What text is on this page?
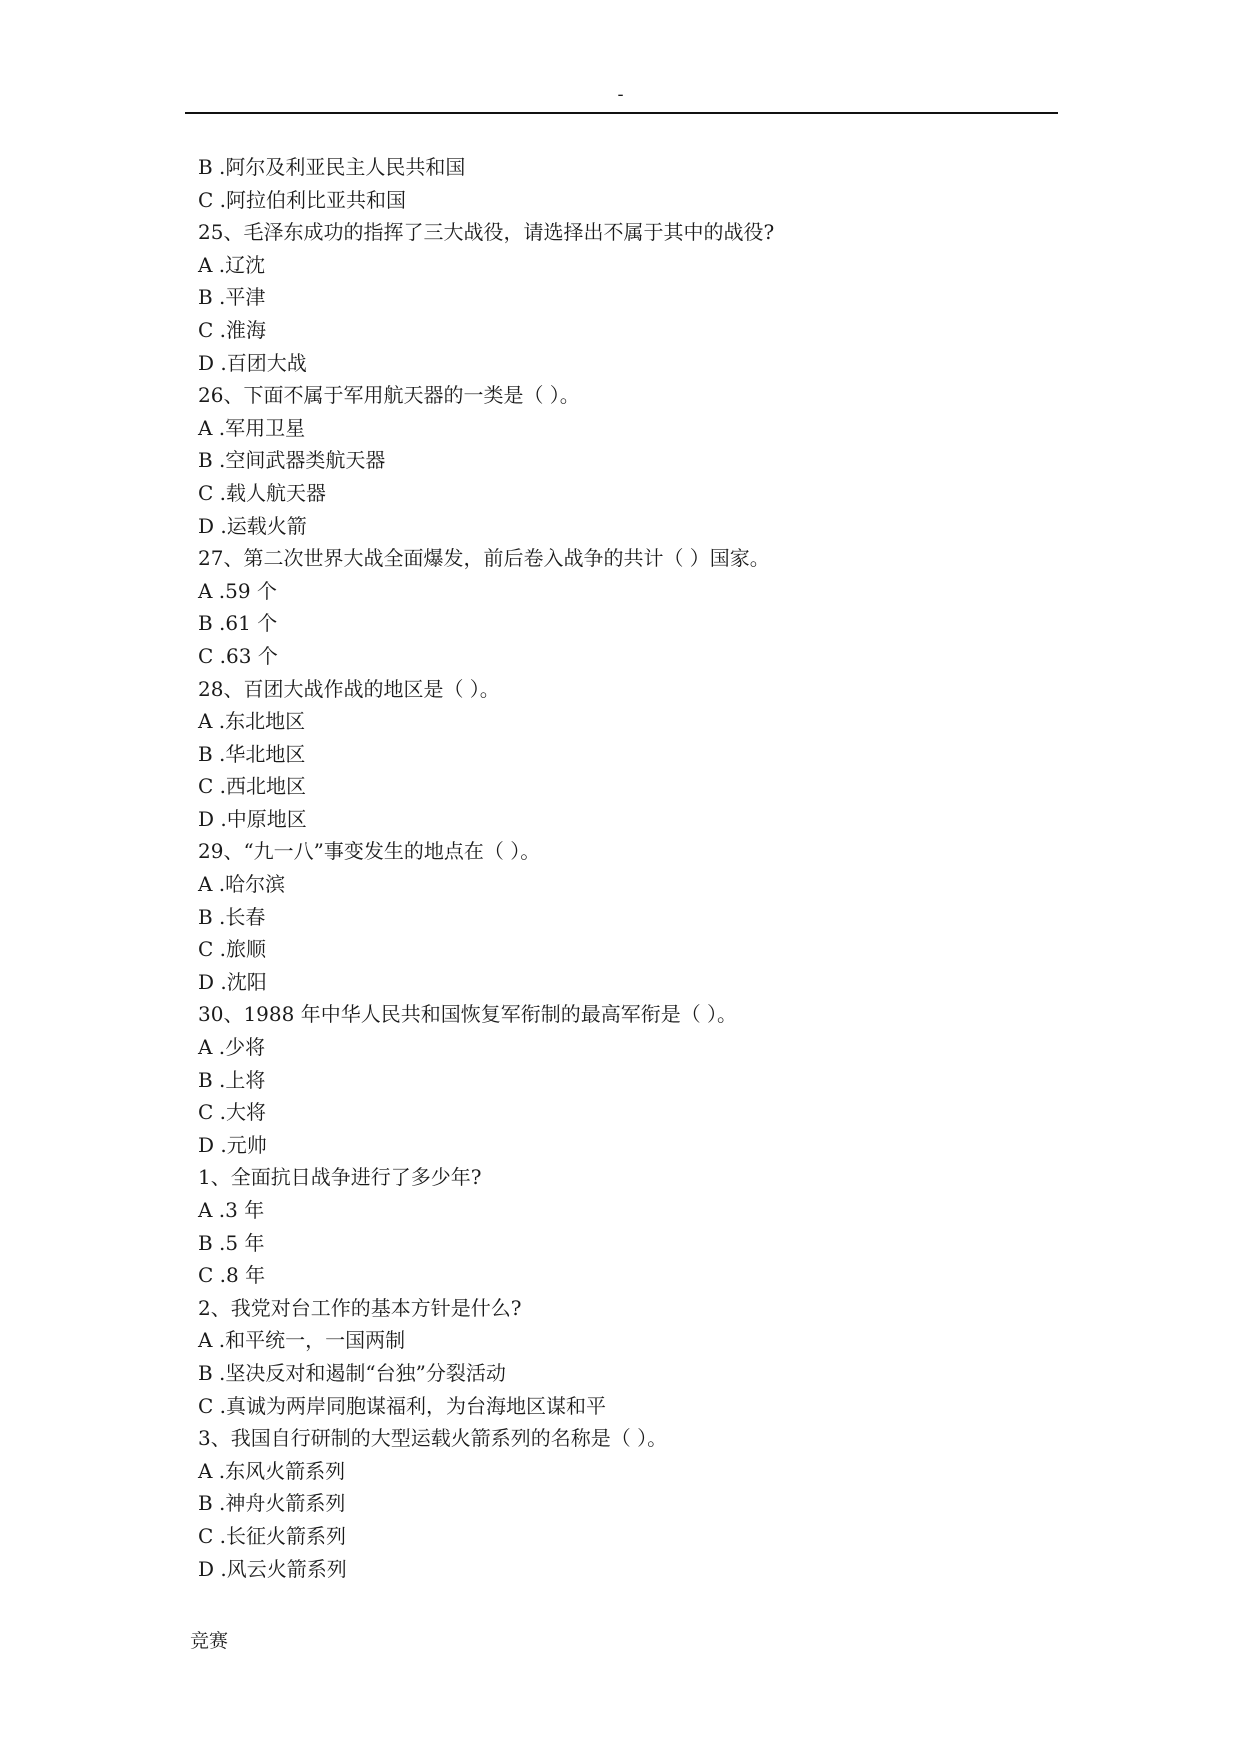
-
B .阿尔及利亚民主人民共和国
C .阿拉伯利比亚共和国
25、毛泽东成功的指挥了三大战役，请选择出不属于其中的战役?
A .辽沈
B .平津
C .淮海
D .百团大战
26、下面不属于军用航天器的一类是（ ）。
A .军用卫星
B .空间武器类航天器
C .载人航天器
D .运载火箭
27、第二次世界大战全面爆发，前后卷入战争的共计（ ）国家。
A .59 个
B .61 个
C .63 个
28、百团大战作战的地区是（ ）。
A .东北地区
B .华北地区
C .西北地区
D .中原地区
29、“九一八”事变发生的地点在（ ）。
A .哈尔滨
B .长春
C .旅顺
D .沈阳
30、1988 年中华人民共和国恢复军衔制的最高军衔是（ ）。
A .少将
B .上将
C .大将
D .元帅
1、全面抗日战争进行了多少年?
A .3 年
B .5 年
C .8 年
2、我党对台工作的基本方针是什么?
A .和平统一，一国两制
B .坚决反对和遏制“台独”分裂活动
C .真诚为两岸同胞谋福利，为台海地区谋和平
3、我国自行研制的大型运载火箭系列的名称是（ ）。
A .东风火箭系列
B .神舟火箭系列
C .长征火箭系列
D .风云火箭系列
竞赛
